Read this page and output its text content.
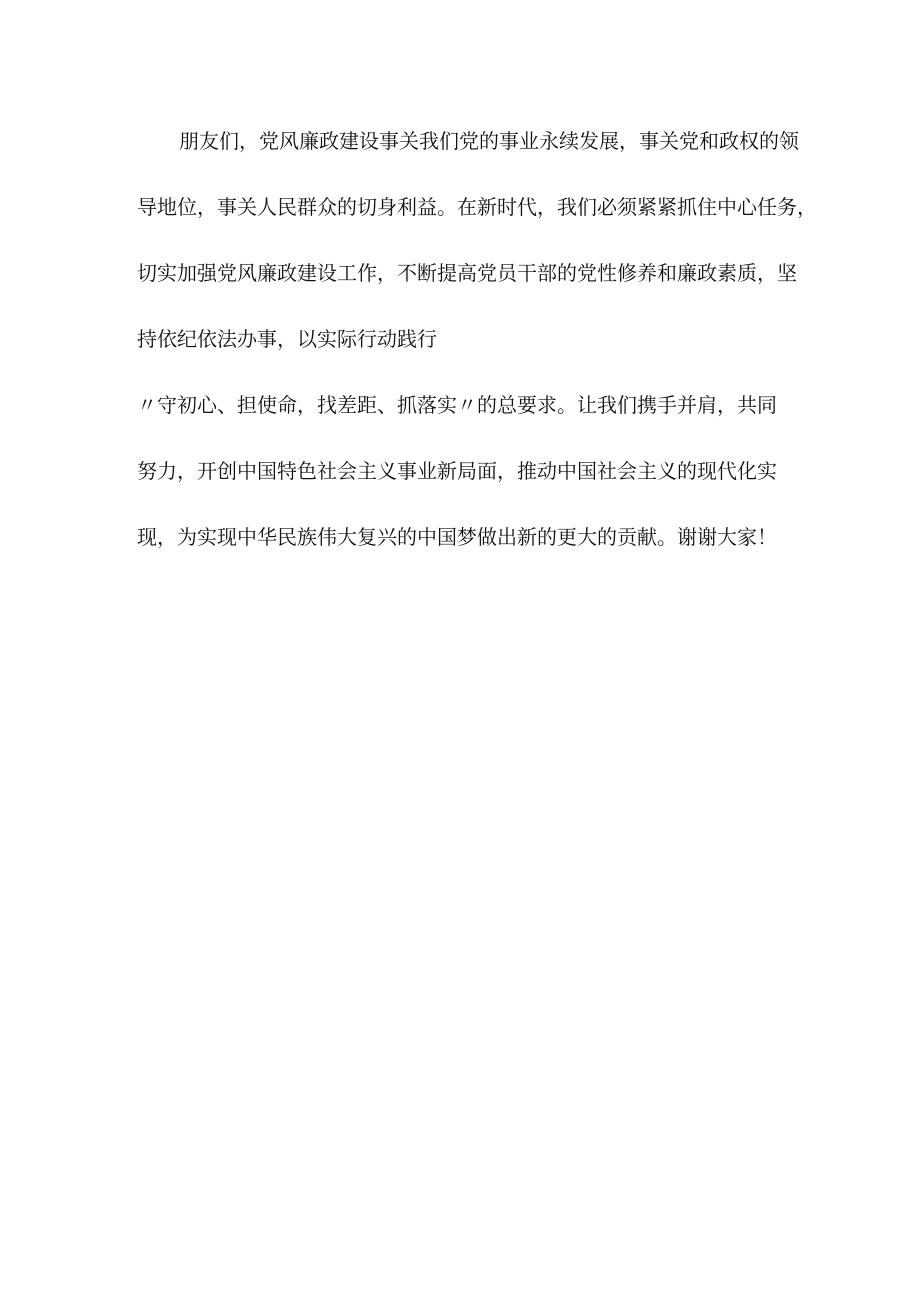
朋友们，党风廉政建设事关我们党的事业永续发展，事关党和政权的领
导地位，事关人民群众的切身利益。在新时代，我们必须紧紧抓住中心任务，
切实加强党风廉政建设工作，不断提高党员干部的党性修养和廉政素质，坚
持依纪依法办事，以实际行动践行
〃守初心、担使命，找差距、抓落实〃的总要求。让我们携手并肩，共同
努力，开创中国特色社会主义事业新局面，推动中国社会主义的现代化实
现，为实现中华民族伟大复兴的中国梦做出新的更大的贡献。谢谢大家！
